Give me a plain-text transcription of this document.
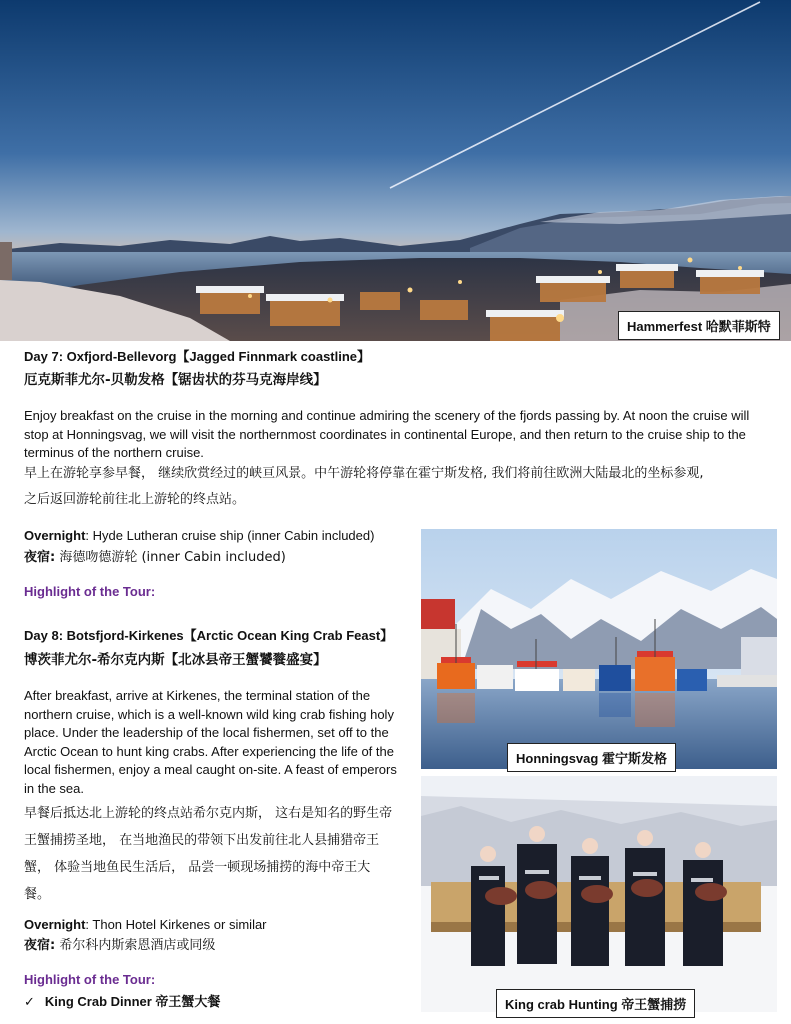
Hammerfest 哈默菲斯特

Day 7: Oxfjord-Bellevorg【Jagged Finnmark coastline】

厄克斯菲尤尔-贝勒发格【锯齿状的芬马克海岸线】

Enjoy breakfast on the cruise in the morning and continue admiring the scenery of the fjords passing by. At noon the cruise will stop at Honningsvag, we will visit the northernmost coordinates in continental Europe, and then return to the cruise ship to the terminus of the northern cruise.

早上在游轮享参早餐， 继续欣赏经过的峡亘风景。中午游轮将停靠在霍宁斯发格, 我们将前往欧洲大陆最北的坐标参观,

之后返回游轮前往北上游轮的终点站。

Overnight: Hyde Lutheran cruise ship (inner Cabin included)

夜宿: 海德吻德游轮 (inner Cabin included)

Highlight of the Tour:

Day 8: Botsfjord-Kirkenes【Arctic Ocean King Crab Feast】

博茨菲尤尔-希尔克内斯【北冰县帝王蟹饕餮盛宴】

After breakfast, arrive at Kirkenes, the terminal station of the northern cruise, which is a well-known wild king crab fishing holy place. Under the leadership of the local fishermen, set off to the Arctic Ocean to hunt king crabs. After experiencing the life of the local fishermen, enjoy a meal caught on-site. A feast of emperors in the sea.

早餐后抵达北上游轮的终点站希尔克内斯， 这右是知名的野生帝王蟹捕捞圣地， 在当地渔民的带领下出发前往北人县捕猎帝王蟹， 体验当地鱼民生活后， 品尝一顿现场捕捞的海中帝王大餐。

Overnight: Thon Hotel Kirkenes or similar

夜宿: 希尔科内斯索恩酒店或同级

Highlight of the Tour:

✓ King Crab Dinner 帝王蟹大餐

Honningsvag 霍宁斯发格
King crab Hunting 帝王蟹捕捞
